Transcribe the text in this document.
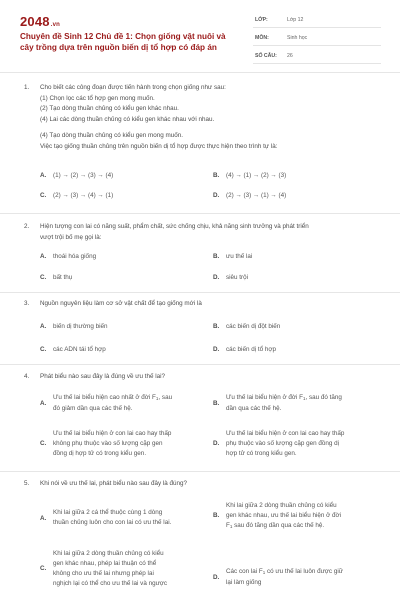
2048.vn
Chuyên đề Sinh 12 Chủ đề 1: Chọn giống vật nuôi và cây trồng dựa trên nguồn biến dị tổ hợp có đáp án
LỚP:	Lớp 12
MÔN:	Sinh học
SỐ CÂU: 26
1. Cho biết các công đoạn được tiến hành trong chọn giống như sau:
(1) Chọn lọc các tổ hợp gen mong muốn.
(2) Tạo dòng thuần chủng có kiểu gen khác nhau.
(4) Lai các dòng thuần chủng có kiểu gen khác nhau với nhau.
(4) Tạo dòng thuần chủng có kiểu gen mong muốn.
Việc tạo giống thuần chủng trên nguồn biến dị tổ hợp được thực hiện theo trình tự là:
A. (1) → (2) → (3) → (4)	B. (4) → (1) → (2) → (3)
C. (2) → (3) → (4) → (1)	D. (2) → (3) → (1) → (4)
2. Hiện tượng con lai có năng suất, phẩm chất, sức chống chịu, khả năng sinh trưởng và phát triển
vượt trội bố mẹ gọi là:
A. thoái hóa giống	B. ưu thế lai
C. bất thụ	D. siêu trội
3. Nguồn nguyên liệu làm cơ sở vật chất để tạo giống mới là
A. biến dị thường biến	B. các biến dị đột biến
C. các ADN tái tổ hợp	D. các biến dị tổ hợp
4. Phát biểu nào sau đây là đúng về ưu thế lai?
A.
Ưu thế lai biểu hiện cao nhất ở đời $F_1$, sau
đó giảm dần qua các thế hệ.
B.
Ưu thế lai biểu hiện ở đời $F_1$, sau đó tăng
dần qua các thế hệ.
C.
Ưu thế lai biểu hiện ở con lai cao hay thấp
không phụ thuộc vào số lượng cặp gen
đồng dị hợp tử có trong kiểu gen.
D.
Ưu thế lai biểu hiện ở con lai cao hay thấp
phụ thuộc vào số lượng cặp gen đồng dị
hợp tử có trong kiểu gen.
5. Khi nói về ưu thế lai, phát biểu nào sau đây là đúng?
A.
Khi lai giữa 2 cá thể thuộc cùng 1 dòng
thuần chủng luôn cho con lai có ưu thế lai.
B.
Khi lai giữa 2 dòng thuần chủng có kiểu
gen khác nhau, ưu thế lai biểu hiện ở đời
$F_1$ sau đó tăng dần qua các thế hệ.
C.
Khi lai giữa 2 dòng thuần chủng có kiểu
gen khác nhau, phép lai thuận có thể
không cho ưu thế lai nhưng phép lai
nghịch lại có thể cho ưu thế lai và ngược
D.
Các con lai $F_1$ có ưu thế lai luôn được giữ
lại làm giống
